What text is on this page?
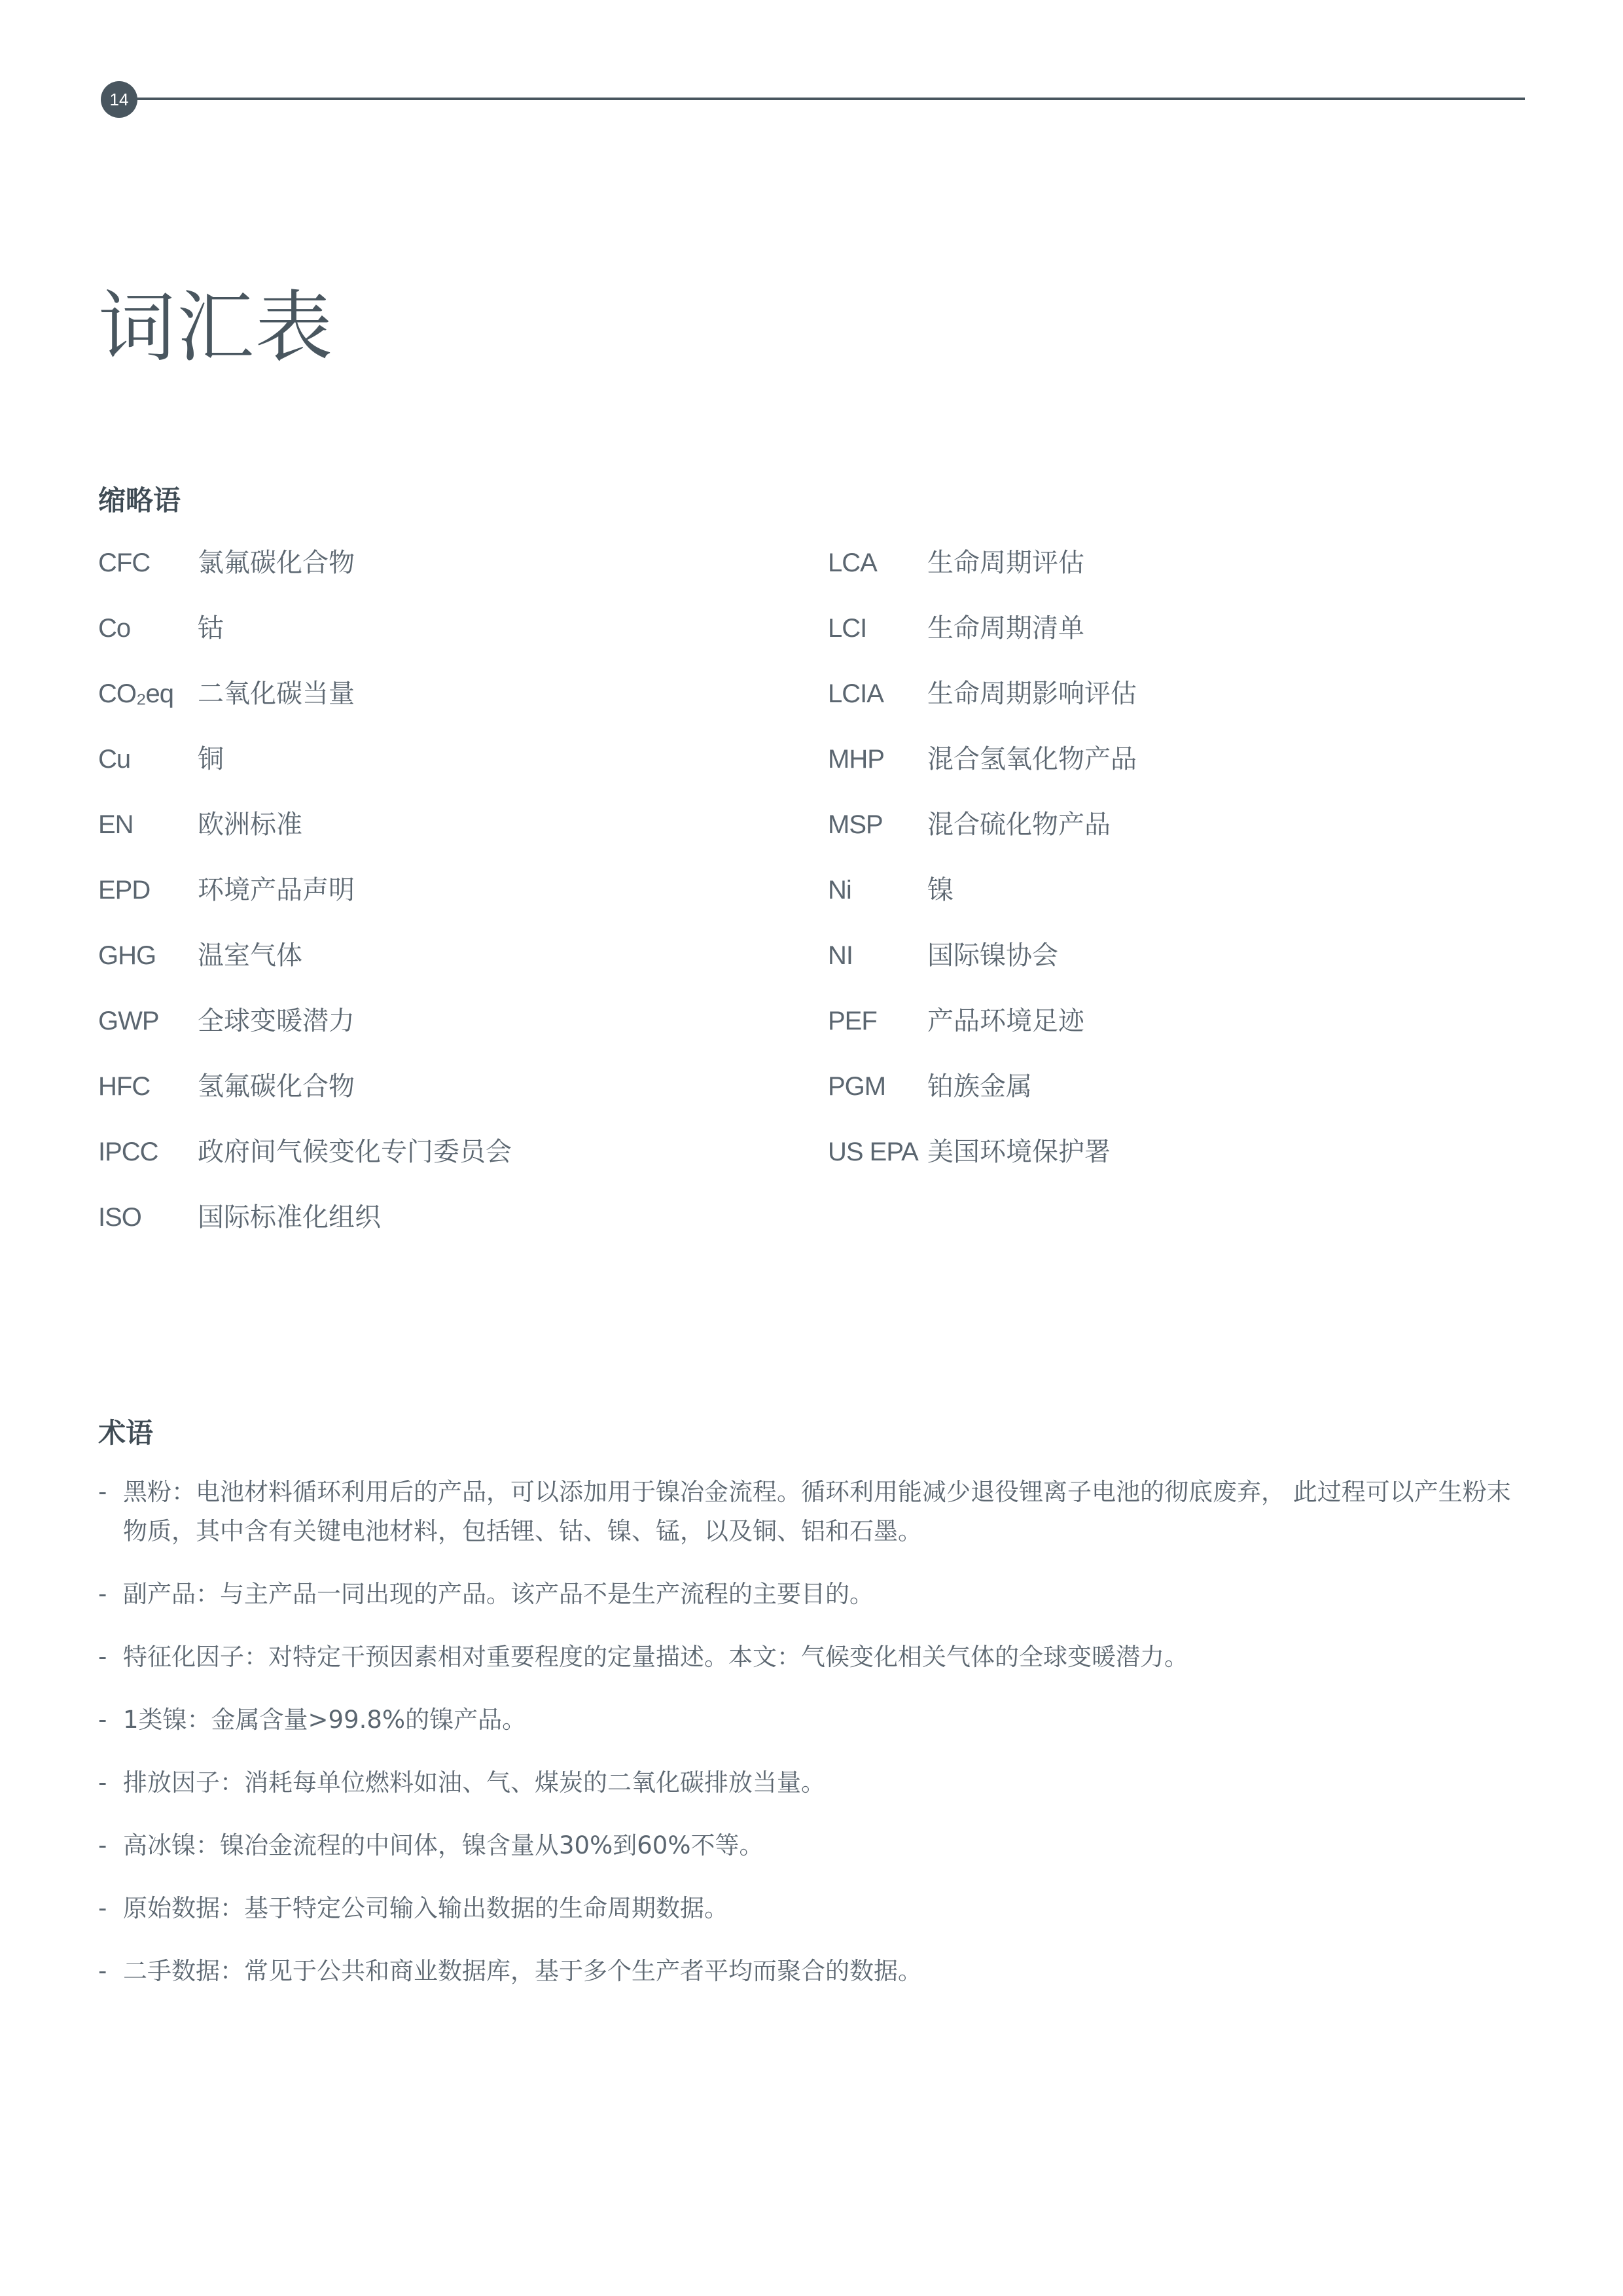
14
词汇表
缩略语
CFC	氯氟碳化合物
Co	钴
CO₂eq 二氧化碳当量
Cu	铜
EN	欧洲标准
EPD	环境产品声明
GHG	温室气体
GWP	全球变暖潜力
HFC	氢氟碳化合物
IPCC	政府间气候变化专门委员会
ISO	国际标准化组织
LCA	生命周期评估
LCI	生命周期清单
LCIA	生命周期影响评估
MHP	混合氢氧化物产品
MSP	混合硫化物产品
Ni	镍
NI	国际镍协会
PEF	产品环境足迹
PGM	铂族金属
US EPA 美国环境保护署
术语
- 黑粉：电池材料循环利用后的产品，可以添加用于镍冶金流程。循环利用能减少退役锂离子电池的彻底废弃， 此过程可以产生粉末物质，其中含有关键电池材料，包括锂、钴、镍、锰，以及铜、铝和石墨。
- 副产品：与主产品一同出现的产品。该产品不是生产流程的主要目的。
- 特征化因子：对特定干预因素相对重要程度的定量描述。本文：气候变化相关气体的全球变暖潜力。
- 1类镍：金属含量>99.8%的镍产品。
- 排放因子：消耗每单位燃料如油、气、煤炭的二氧化碳排放当量。
- 高冰镍：镍冶金流程的中间体，镍含量从30%到60%不等。
- 原始数据：基于特定公司输入输出数据的生命周期数据。
- 二手数据：常见于公共和商业数据库，基于多个生产者平均而聚合的数据。
